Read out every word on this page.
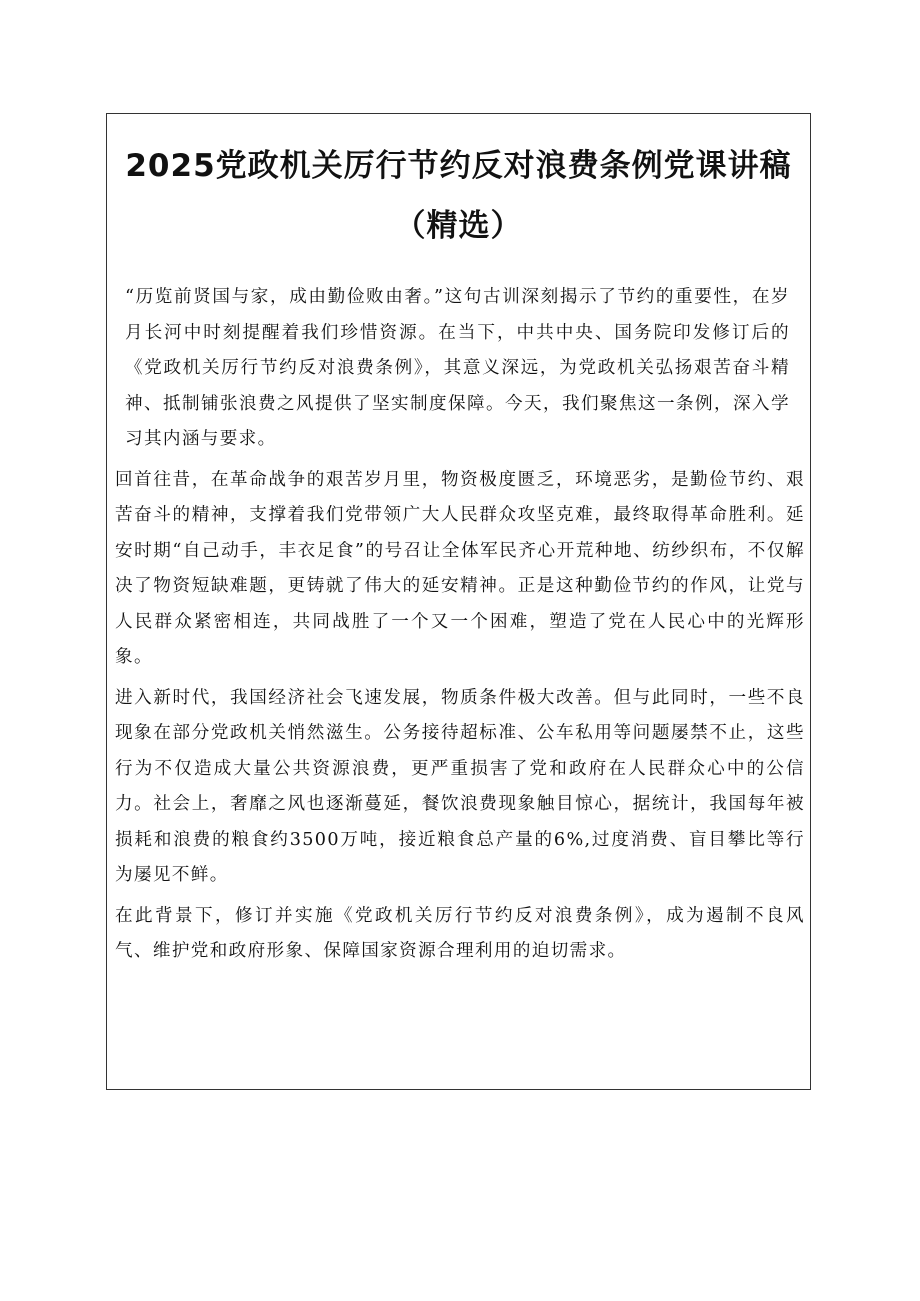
2025党政机关厉行节约反对浪费条例党课讲稿
（精选）

“历览前贤国与家，成由勤俭败由奢。”这句古训深刻揭示了节约的重要性，在岁月长河中时刻提醒着我们珍惜资源。在当下，中共中央、国务院印发修订后的《党政机关厉行节约反对浪费条例》，其意义深远，为党政机关弘扬艰苦奋斗精神、抵制铺张浪费之风提供了坚实制度保障。今天，我们聚焦这一条例，深入学习其内涵与要求。

回首往昔，在革命战争的艰苦岁月里，物资极度匮乏，环境恶劣，是勤俭节约、艰苦奋斗的精神，支撑着我们党带领广大人民群众攻坚克难，最终取得革命胜利。延安时期“自己动手，丰衣足食”的号召让全体军民齐心开荒种地、纺纱织布，不仅解决了物资短缺难题，更铸就了伟大的延安精神。正是这种勤俭节约的作风，让党与人民群众紧密相连，共同战胜了一个又一个困难，塑造了党在人民心中的光辉形象。

进入新时代，我国经济社会飞速发展，物质条件极大改善。但与此同时，一些不良现象在部分党政机关悄然滋生。公务接待超标准、公车私用等问题屡禁不止，这些行为不仅造成大量公共资源浪费，更严重损害了党和政府在人民群众心中的公信力。社会上，奢靡之风也逐渐蔓延，餐饮浪费现象触目惊心，据统计，我国每年被损耗和浪费的粮食约3500万吨，接近粮食总产量的6%,过度消费、盲目攀比等行为屡见不鲜。

在此背景下，修订并实施《党政机关厉行节约反对浪费条例》，成为遏制不良风气、维护党和政府形象、保障国家资源合理利用的迫切需求。
